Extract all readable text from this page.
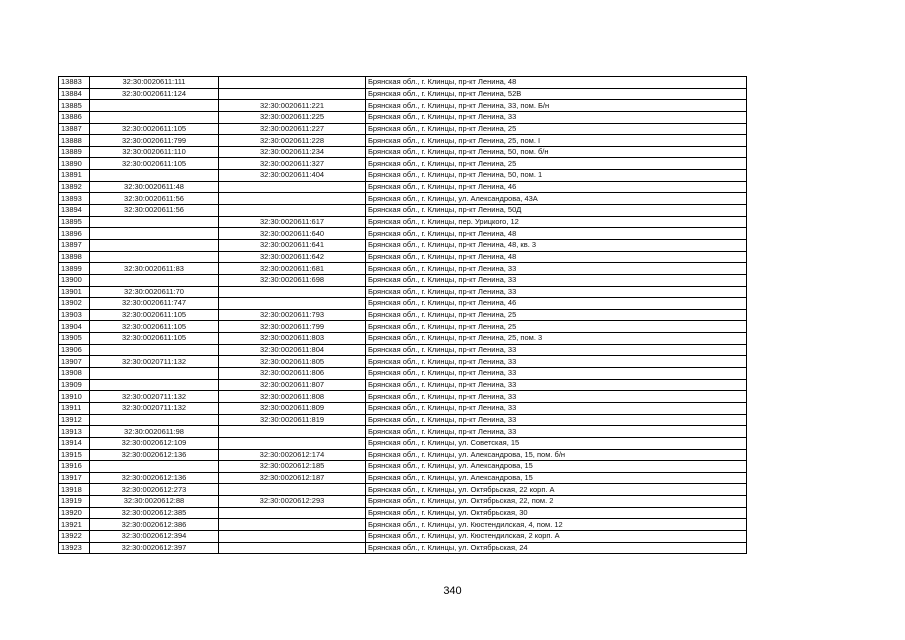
13883	32:30:0020611:111		Брянская обл., г. Клинцы, пр-кт Ленина, 48
13884	32:30:0020611:124		Брянская обл., г. Клинцы, пр-кт Ленина, 52В
13885		32:30:0020611:221	Брянская обл., г. Клинцы, пр-кт Ленина, 33, пом. Б/н
13886		32:30:0020611:225	Брянская обл., г. Клинцы, пр-кт Ленина, 33
13887	32:30:0020611:105	32:30:0020611:227	Брянская обл., г. Клинцы, пр-кт Ленина, 25
13888	32:30:0020611:799	32:30:0020611:228	Брянская обл., г. Клинцы, пр-кт Ленина, 25, пом. I
13889	32:30:0020611:110	32:30:0020611:234	Брянская обл., г. Клинцы, пр-кт Ленина, 50, пом. б/н
13890	32:30:0020611:105	32:30:0020611:327	Брянская обл., г. Клинцы, пр-кт Ленина, 25
13891		32:30:0020611:404	Брянская обл., г. Клинцы, пр-кт Ленина, 50, пом. 1
13892	32:30:0020611:48		Брянская обл., г. Клинцы, пр-кт Ленина, 46
13893	32:30:0020611:56		Брянская обл., г. Клинцы, ул. Александрова, 43А
13894	32:30:0020611:56		Брянская обл., г. Клинцы, пр-кт Ленина, 50Д
13895		32:30:0020611:617	Брянская обл., г. Клинцы, пер. Урицкого, 12
13896		32:30:0020611:640	Брянская обл., г. Клинцы, пр-кт Ленина, 48
13897		32:30:0020611:641	Брянская обл., г. Клинцы, пр-кт Ленина, 48, кв. 3
13898		32:30:0020611:642	Брянская обл., г. Клинцы, пр-кт Ленина, 48
13899	32:30:0020611:83	32:30:0020611:681	Брянская обл., г. Клинцы, пр-кт Ленина, 33
13900		32:30:0020611:698	Брянская обл., г. Клинцы, пр-кт Ленина, 33
13901	32:30:0020611:70		Брянская обл., г. Клинцы, пр-кт Ленина, 33
13902	32:30:0020611:747		Брянская обл., г. Клинцы, пр-кт Ленина, 46
13903	32:30:0020611:105	32:30:0020611:793	Брянская обл., г. Клинцы, пр-кт Ленина, 25
13904	32:30:0020611:105	32:30:0020611:799	Брянская обл., г. Клинцы, пр-кт Ленина, 25
13905	32:30:0020611:105	32:30:0020611:803	Брянская обл., г. Клинцы, пр-кт Ленина, 25, пом. 3
13906		32:30:0020611:804	Брянская обл., г. Клинцы, пр-кт Ленина, 33
13907	32:30:0020711:132	32:30:0020611:805	Брянская обл., г. Клинцы, пр-кт Ленина, 33
13908		32:30:0020611:806	Брянская обл., г. Клинцы, пр-кт Ленина, 33
13909		32:30:0020611:807	Брянская обл., г. Клинцы, пр-кт Ленина, 33
13910	32:30:0020711:132	32:30:0020611:808	Брянская обл., г. Клинцы, пр-кт Ленина, 33
13911	32:30:0020711:132	32:30:0020611:809	Брянская обл., г. Клинцы, пр-кт Ленина, 33
13912		32:30:0020611:819	Брянская обл., г. Клинцы, пр-кт Ленина, 33
13913	32:30:0020611:98		Брянская обл., г. Клинцы, пр-кт Ленина, 33
13914	32:30:0020612:109		Брянская обл., г. Клинцы, ул. Советская, 15
13915	32:30:0020612:136	32:30:0020612:174	Брянская обл., г. Клинцы, ул. Александрова, 15, пом. б/н
13916		32:30:0020612:185	Брянская обл., г. Клинцы, ул. Александрова, 15
13917	32:30:0020612:136	32:30:0020612:187	Брянская обл., г. Клинцы, ул. Александрова, 15
13918	32:30:0020612:273		Брянская обл., г. Клинцы, ул. Октябрьская, 22 корп. А
13919	32:30:0020612:88	32:30:0020612:293	Брянская обл., г. Клинцы, ул. Октябрьская, 22, пом. 2
13920	32:30:0020612:385		Брянская обл., г. Клинцы, ул. Октябрьская, 30
13921	32:30:0020612:386		Брянская обл., г. Клинцы, ул. Кюстендилская, 4, пом. 12
13922	32:30:0020612:394		Брянская обл., г. Клинцы, ул. Кюстендилская, 2 корп. А
13923	32:30:0020612:397		Брянская обл., г. Клинцы, ул. Октябрьская, 24
340
